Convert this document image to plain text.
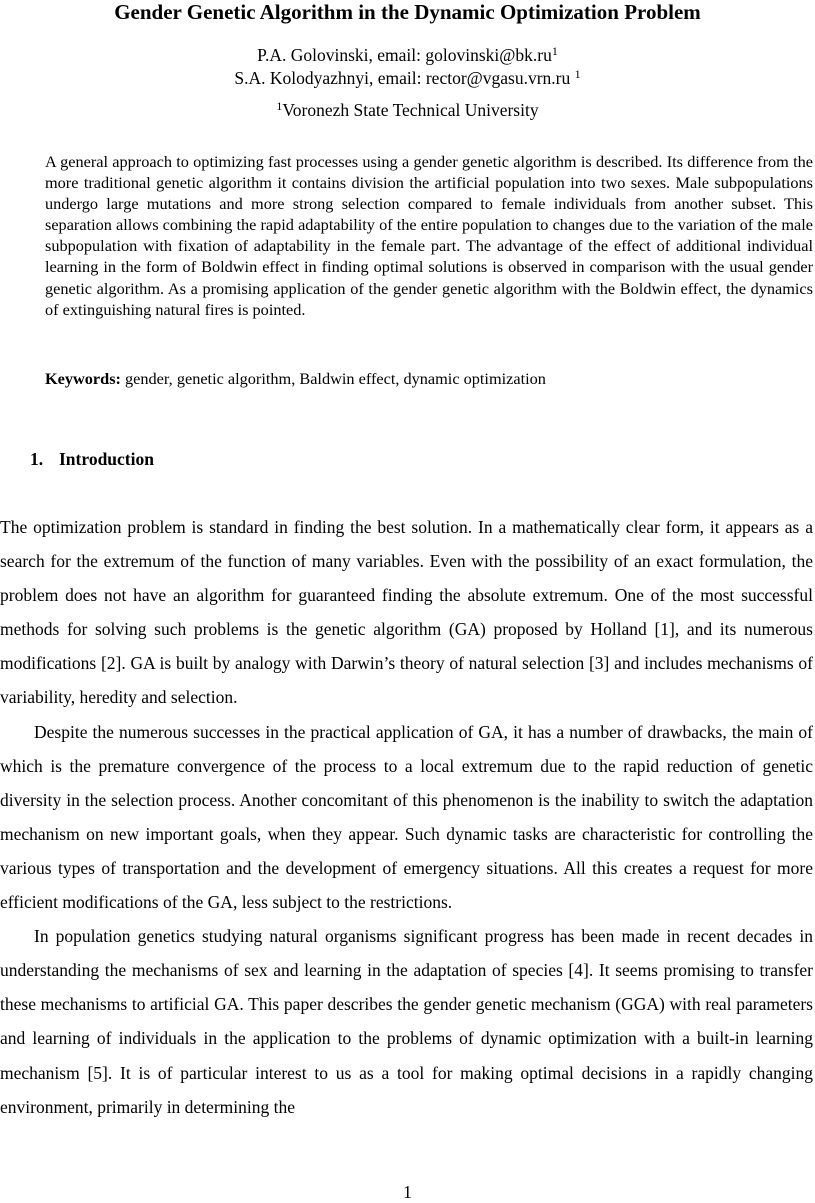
Gender Genetic Algorithm in the Dynamic Optimization Problem

P.A. Golovinski, email: $golovinski@bk.ru^1$

S.A. Kolodyazhnyi, email: rector@vgasu.vrn.ru $^1$

$^1$Voronezh State Technical University

A general approach to optimizing fast processes using a gender genetic algorithm is described. Its difference from the more traditional genetic algorithm it contains division the artificial population into two sexes. Male subpopulations undergo large mutations and more strong selection compared to female individuals from another subset. This separation allows combining the rapid adaptability of the entire population to changes due to the variation of the male subpopulation with fixation of adaptability in the female part. The advantage of the effect of additional individual learning in the form of Boldwin effect in finding optimal solutions is observed in comparison with the usual gender genetic algorithm. As a promising application of the gender genetic algorithm with the Boldwin effect, the dynamics of extinguishing natural fires is pointed.

Keywords: gender, genetic algorithm, Baldwin effect, dynamic optimization

1. Introduction

The optimization problem is standard in finding the best solution. In a mathematically clear form, it appears as a search for the extremum of the function of many variables. Even with the possibility of an exact formulation, the problem does not have an algorithm for guaranteed finding the absolute extremum. One of the most successful methods for solving such problems is the genetic algorithm (GA) proposed by Holland [1], and its numerous modifications [2]. GA is built by analogy with Darwin’s theory of natural selection [3] and includes mechanisms of variability, heredity and selection.

Despite the numerous successes in the practical application of GA, it has a number of drawbacks, the main of which is the premature convergence of the process to a local extremum due to the rapid reduction of genetic diversity in the selection process. Another concomitant of this phenomenon is the inability to switch the adaptation mechanism on new important goals, when they appear. Such dynamic tasks are characteristic for controlling the various types of transportation and the development of emergency situations. All this creates a request for more efficient modifications of the GA, less subject to the restrictions.

In population genetics studying natural organisms significant progress has been made in recent decades in understanding the mechanisms of sex and learning in the adaptation of species [4]. It seems promising to transfer these mechanisms to artificial GA. This paper describes the gender genetic mechanism (GGA) with real parameters and learning of individuals in the application to the problems of dynamic optimization with a built-in learning mechanism [5]. It is of particular interest to us as a tool for making optimal decisions in a rapidly changing environment, primarily in determining the

1
